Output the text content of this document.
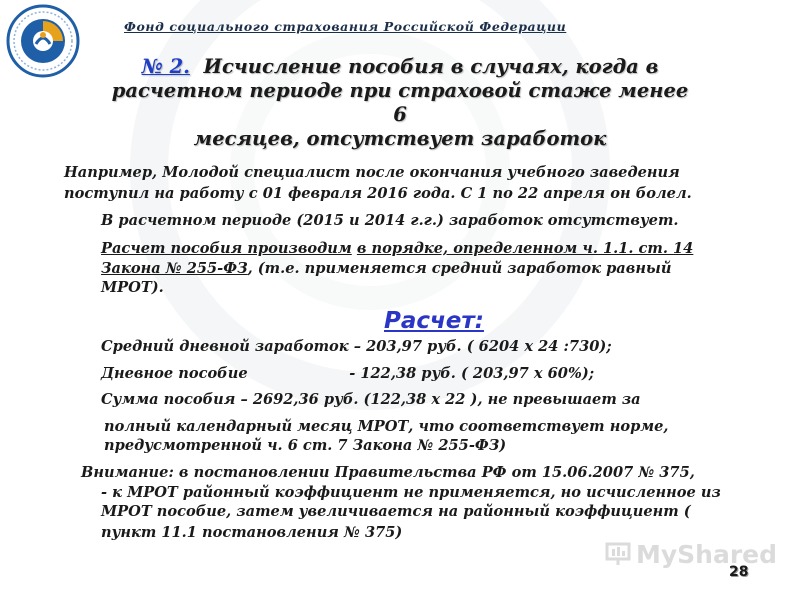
Фонд социального страхования Российской Федерации
№ 2. Исчисление пособия в случаях, когда в
расчетном периоде при страховой стаже менее 6
месяцев, отсутствует заработок
Например, Молодой специалист после окончания учебного заведения
поступил на работу с 01 февраля 2016 года. С 1 по 22 апреля он болел.
В расчетном периоде (2015 и 2014 г.г.) заработок отсутствует.
Расчет пособия производим в порядке, определенном ч. 1.1. ст. 14
Закона № 255-ФЗ, (т.е. применяется средний заработок равный
МРОТ).
Расчет:
Средний дневной заработок – 203,97 руб. ( 6204 х 24 :730);
Дневное пособие                    - 122,38 руб. ( 203,97 х 60%);
Сумма пособия – 2692,36 руб. (122,38 х 22 ), не превышает за
полный календарный месяц МРОТ, что соответствует норме,
предусмотренной ч. 6 ст. 7 Закона № 255-ФЗ)
Внимание: в постановлении Правительства РФ от 15.06.2007 № 375,
- к МРОТ районный коэффициент не применяется, но исчисленное из
МРОТ пособие, затем увеличивается на районный коэффициент (
пункт 11.1 постановления № 375)
MyShared
28
